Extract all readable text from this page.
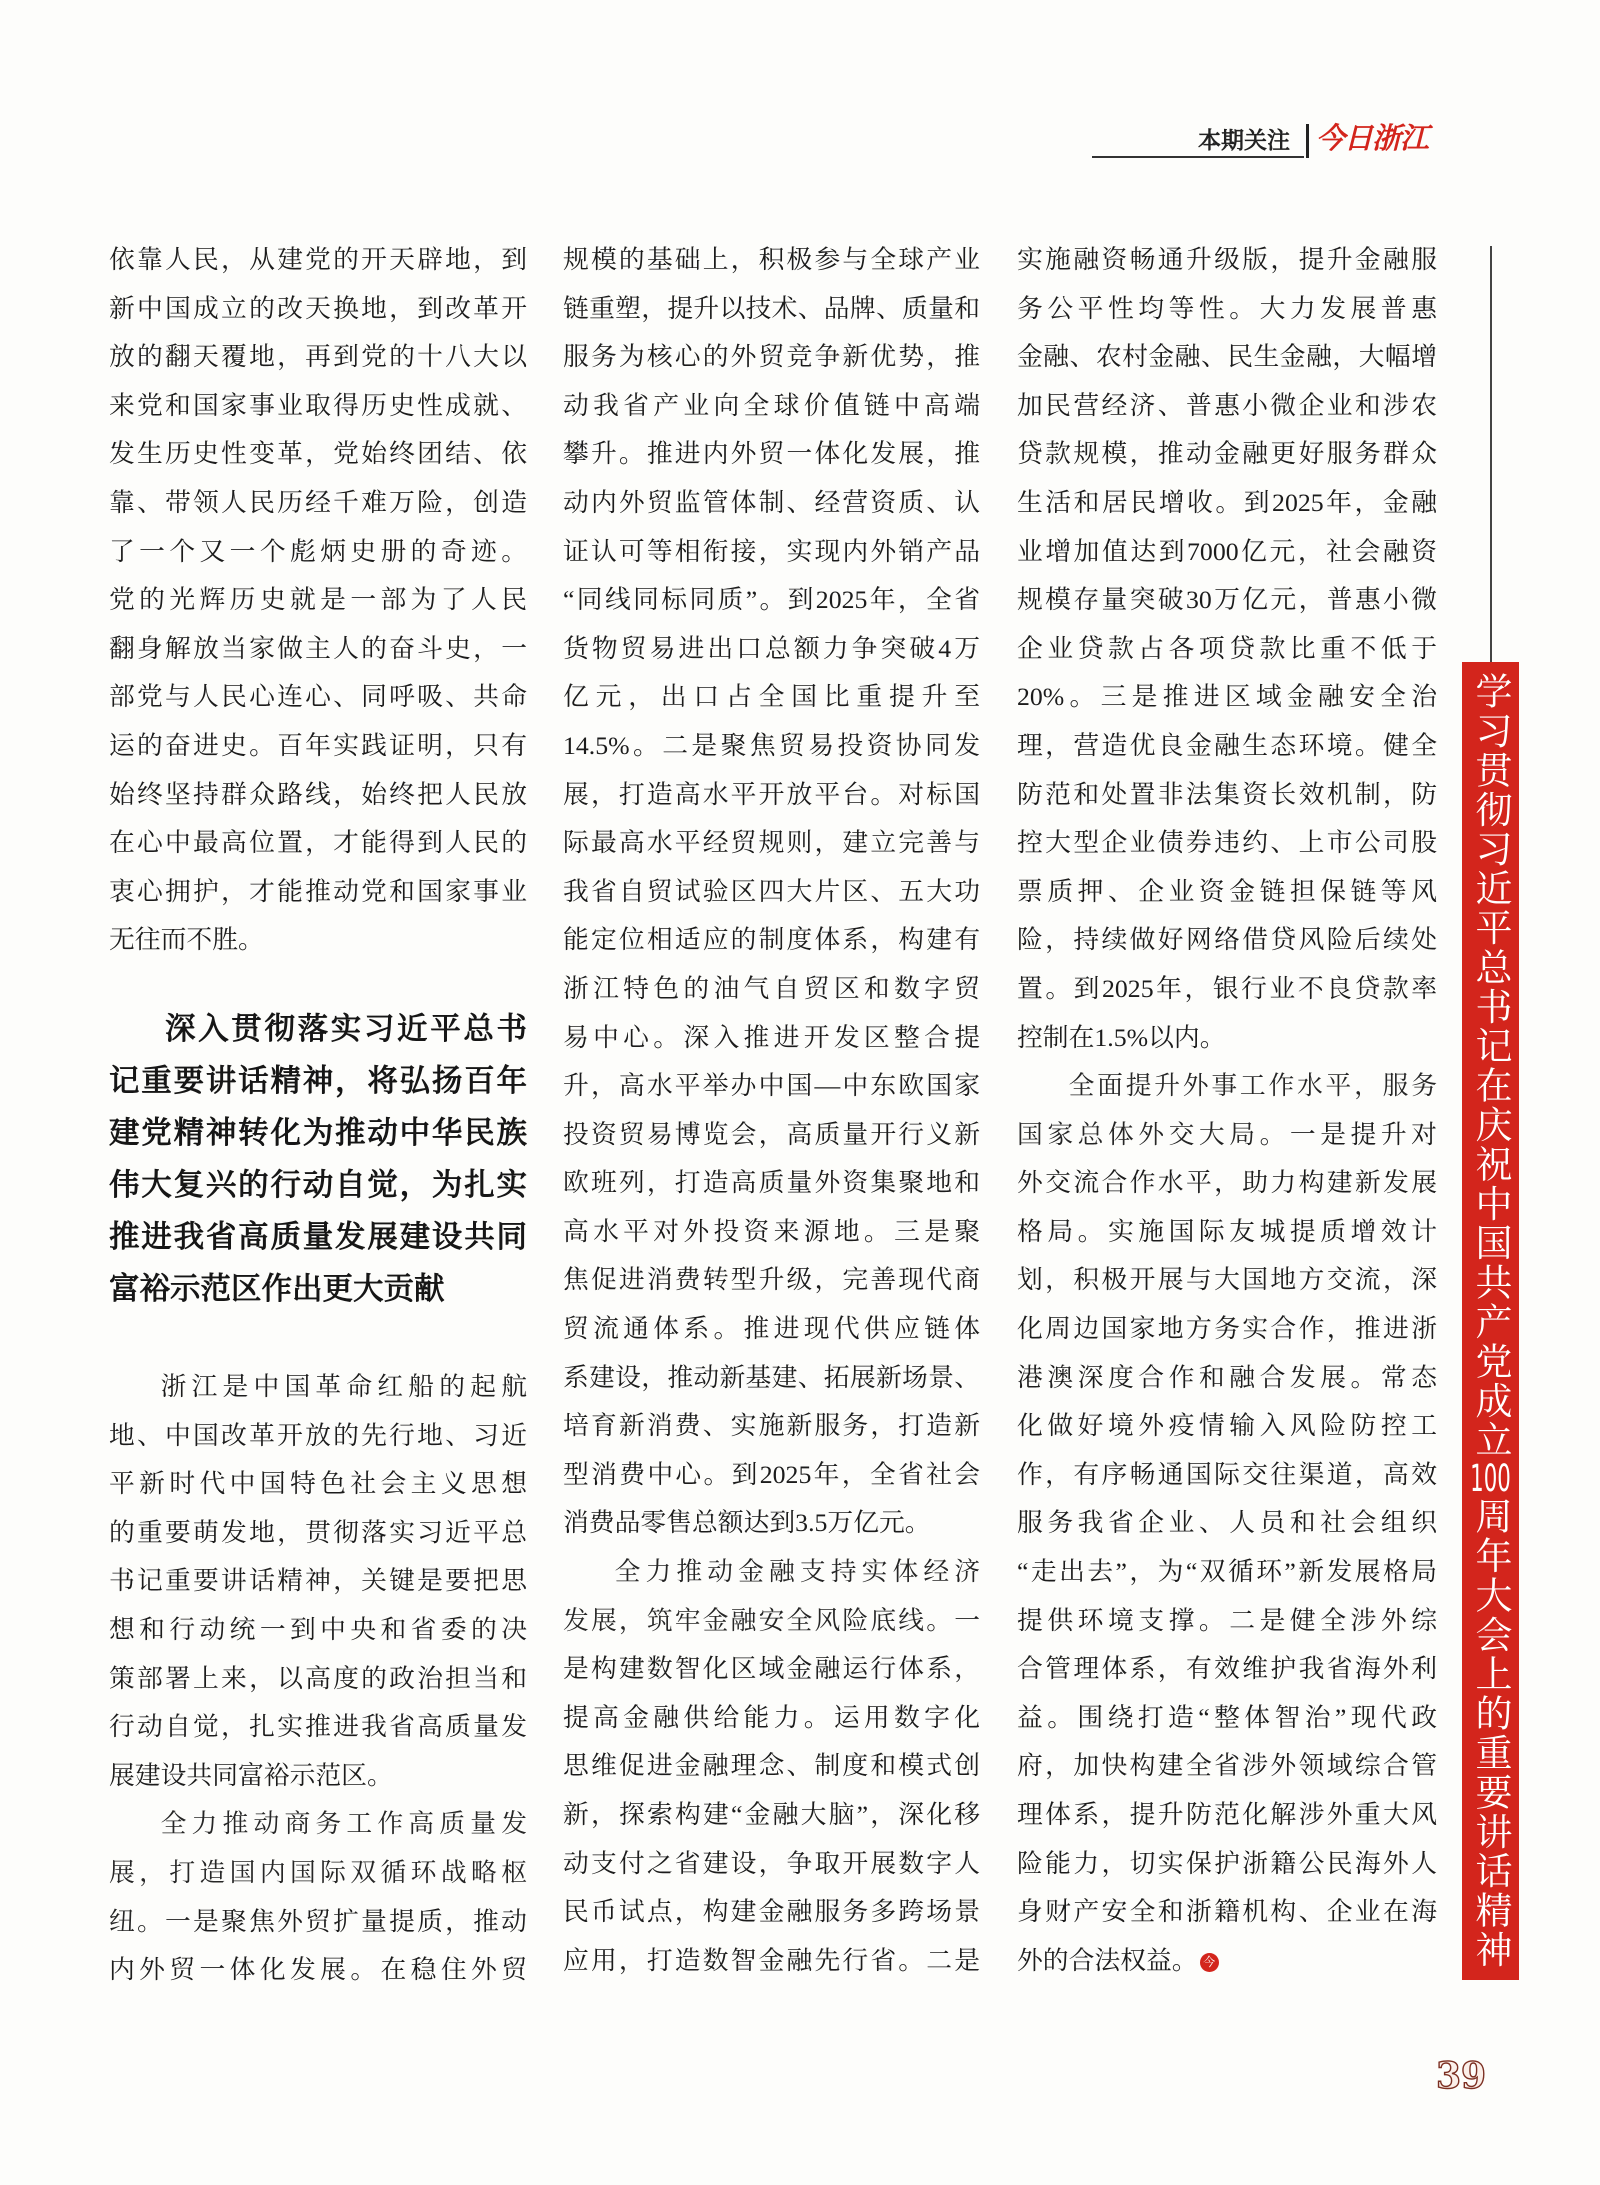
本期关注 今日浙江
学习贯彻习近平总书记在庆祝中国共产党成立100周年大会上的重要讲话精神
依靠人民，从建党的开天辟地，到
新中国成立的改天换地，到改革开
放的翻天覆地，再到党的十八大以
来党和国家事业取得历史性成就、
发生历史性变革，党始终团结、依
靠、带领人民历经千难万险，创造
了一个又一个彪炳史册的奇迹。
党的光辉历史就是一部为了人民
翻身解放当家做主人的奋斗史，一
部党与人民心连心、同呼吸、共命
运的奋进史。百年实践证明，只有
始终坚持群众路线，始终把人民放
在心中最高位置，才能得到人民的
衷心拥护，才能推动党和国家事业
无往而不胜。
深入贯彻落实习近平总书
记重要讲话精神，将弘扬百年
建党精神转化为推动中华民族
伟大复兴的行动自觉，为扎实
推进我省高质量发展建设共同
富裕示范区作出更大贡献
浙江是中国革命红船的起航
地、中国改革开放的先行地、习近
平新时代中国特色社会主义思想
的重要萌发地，贯彻落实习近平总
书记重要讲话精神，关键是要把思
想和行动统一到中央和省委的决
策部署上来，以高度的政治担当和
行动自觉，扎实推进我省高质量发
展建设共同富裕示范区。
全力推动商务工作高质量发
展，打造国内国际双循环战略枢
纽。一是聚焦外贸扩量提质，推动
内外贸一体化发展。在稳住外贸
规模的基础上，积极参与全球产业
链重塑，提升以技术、品牌、质量和
服务为核心的外贸竞争新优势，推
动我省产业向全球价值链中高端
攀升。推进内外贸一体化发展，推
动内外贸监管体制、经营资质、认
证认可等相衔接，实现内外销产品
“同线同标同质”。到2025年，全省
货物贸易进出口总额力争突破4万
亿元，出口占全国比重提升至
14.5%。二是聚焦贸易投资协同发
展，打造高水平开放平台。对标国
际最高水平经贸规则，建立完善与
我省自贸试验区四大片区、五大功
能定位相适应的制度体系，构建有
浙江特色的油气自贸区和数字贸
易中心。深入推进开发区整合提
升，高水平举办中国—中东欧国家
投资贸易博览会，高质量开行义新
欧班列，打造高质量外资集聚地和
高水平对外投资来源地。三是聚
焦促进消费转型升级，完善现代商
贸流通体系。推进现代供应链体
系建设，推动新基建、拓展新场景、
培育新消费、实施新服务，打造新
型消费中心。到2025年，全省社会
消费品零售总额达到3.5万亿元。
全力推动金融支持实体经济
发展，筑牢金融安全风险底线。一
是构建数智化区域金融运行体系，
提高金融供给能力。运用数字化
思维促进金融理念、制度和模式创
新，探索构建“金融大脑”，深化移
动支付之省建设，争取开展数字人
民币试点，构建金融服务多跨场景
应用，打造数智金融先行省。二是
实施融资畅通升级版，提升金融服
务公平性均等性。大力发展普惠
金融、农村金融、民生金融，大幅增
加民营经济、普惠小微企业和涉农
贷款规模，推动金融更好服务群众
生活和居民增收。到2025年，金融
业增加值达到7000亿元，社会融资
规模存量突破30万亿元，普惠小微
企业贷款占各项贷款比重不低于
20%。三是推进区域金融安全治
理，营造优良金融生态环境。健全
防范和处置非法集资长效机制，防
控大型企业债券违约、上市公司股
票质押、企业资金链担保链等风
险，持续做好网络借贷风险后续处
置。到2025年，银行业不良贷款率
控制在1.5%以内。
全面提升外事工作水平，服务
国家总体外交大局。一是提升对
外交流合作水平，助力构建新发展
格局。实施国际友城提质增效计
划，积极开展与大国地方交流，深
化周边国家地方务实合作，推进浙
港澳深度合作和融合发展。常态
化做好境外疫情输入风险防控工
作，有序畅通国际交往渠道，高效
服务我省企业、人员和社会组织
“走出去”，为“双循环”新发展格局
提供环境支撑。二是健全涉外综
合管理体系，有效维护我省海外利
益。围绕打造“整体智治”现代政
府，加快构建全省涉外领域综合管
理体系，提升防范化解涉外重大风
险能力，切实保护浙籍公民海外人
身财产安全和浙籍机构、企业在海
外的合法权益。 今
39
